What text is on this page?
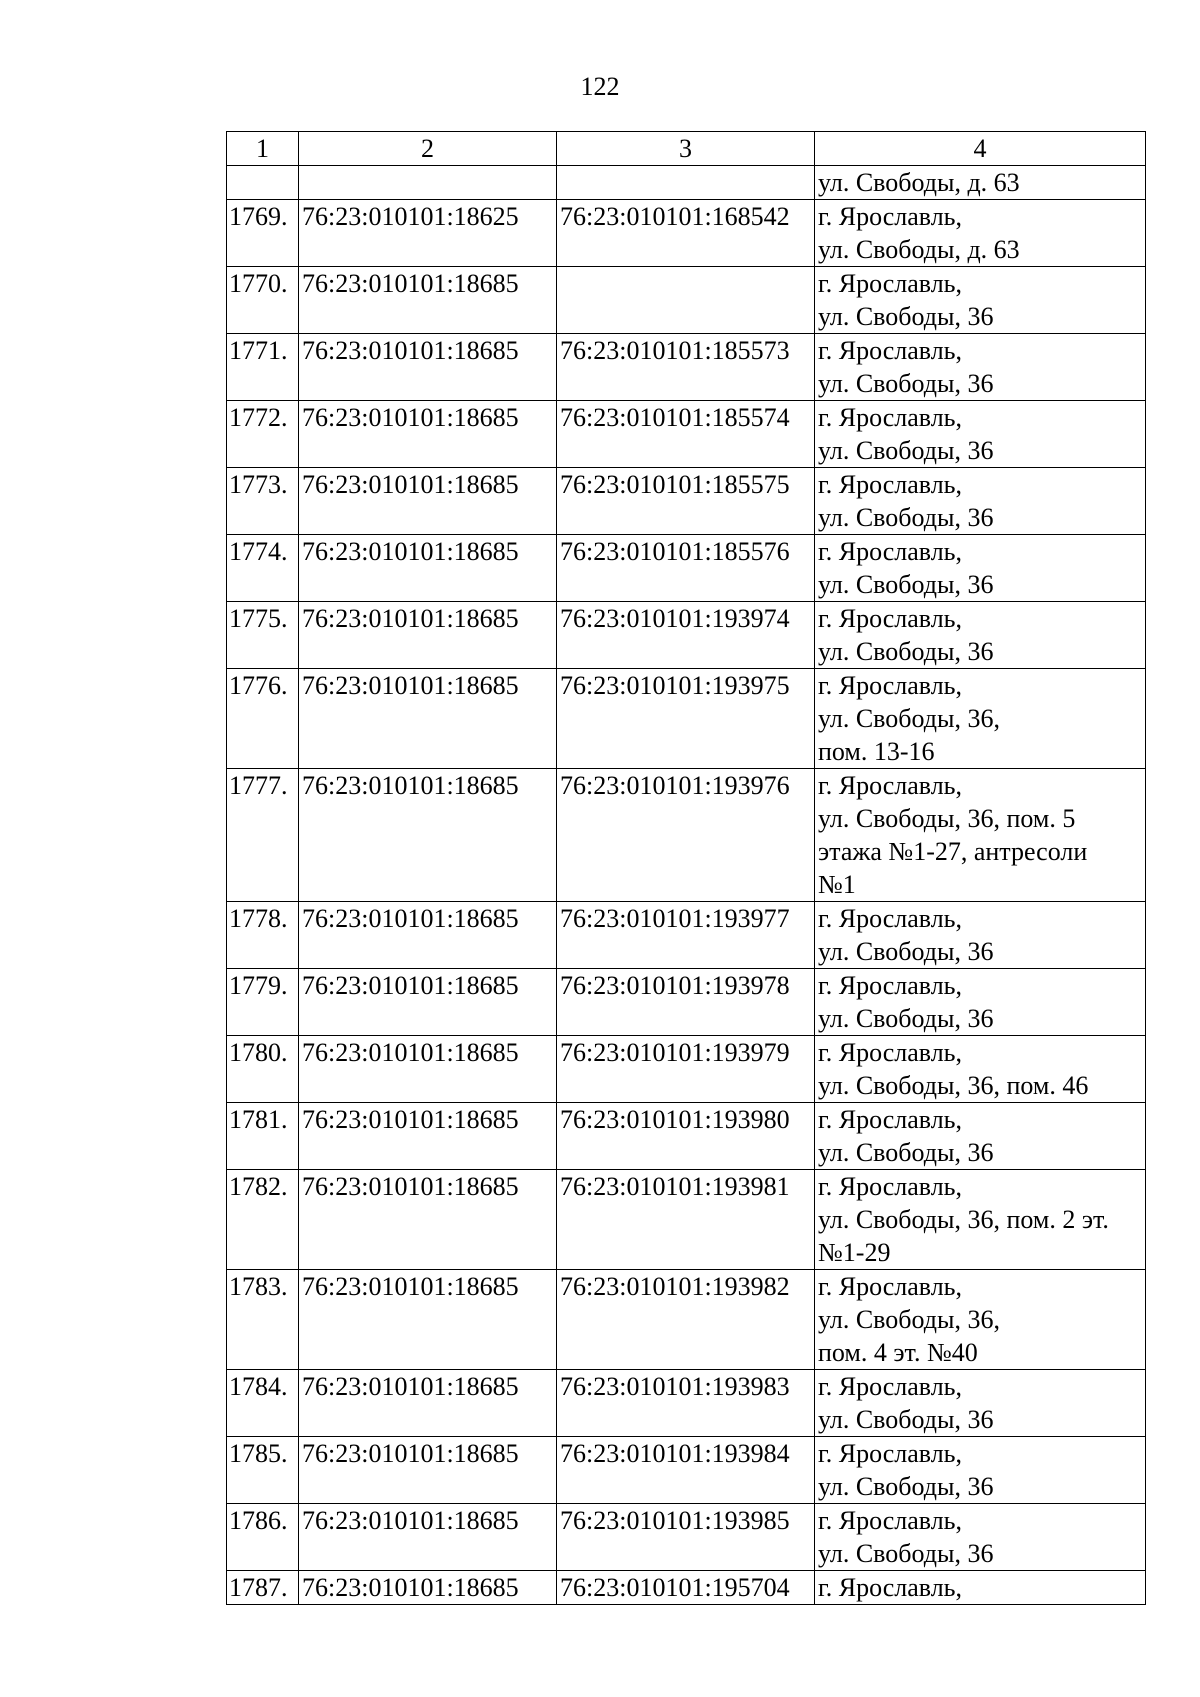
122
1	2	3	4
			ул. Свободы, д. 63
1769.	76:23:010101:18625	76:23:010101:168542	г. Ярославль,
ул. Свободы, д. 63
1770.	76:23:010101:18685		г. Ярославль,
ул. Свободы, 36
1771.	76:23:010101:18685	76:23:010101:185573	г. Ярославль,
ул. Свободы, 36
1772.	76:23:010101:18685	76:23:010101:185574	г. Ярославль,
ул. Свободы, 36
1773.	76:23:010101:18685	76:23:010101:185575	г. Ярославль,
ул. Свободы, 36
1774.	76:23:010101:18685	76:23:010101:185576	г. Ярославль,
ул. Свободы, 36
1775.	76:23:010101:18685	76:23:010101:193974	г. Ярославль,
ул. Свободы, 36
1776.	76:23:010101:18685	76:23:010101:193975	г. Ярославль,
ул. Свободы, 36,
пом. 13-16
1777.	76:23:010101:18685	76:23:010101:193976	г. Ярославль,
ул. Свободы, 36, пом. 5
этажа №1-27, антресоли
№1
1778.	76:23:010101:18685	76:23:010101:193977	г. Ярославль,
ул. Свободы, 36
1779.	76:23:010101:18685	76:23:010101:193978	г. Ярославль,
ул. Свободы, 36
1780.	76:23:010101:18685	76:23:010101:193979	г. Ярославль,
ул. Свободы, 36, пом. 46
1781.	76:23:010101:18685	76:23:010101:193980	г. Ярославль,
ул. Свободы, 36
1782.	76:23:010101:18685	76:23:010101:193981	г. Ярославль,
ул. Свободы, 36, пом. 2 эт.
№1-29
1783.	76:23:010101:18685	76:23:010101:193982	г. Ярославль,
ул. Свободы, 36,
пом. 4 эт. №40
1784.	76:23:010101:18685	76:23:010101:193983	г. Ярославль,
ул. Свободы, 36
1785.	76:23:010101:18685	76:23:010101:193984	г. Ярославль,
ул. Свободы, 36
1786.	76:23:010101:18685	76:23:010101:193985	г. Ярославль,
ул. Свободы, 36
1787.	76:23:010101:18685	76:23:010101:195704	г. Ярославль,
